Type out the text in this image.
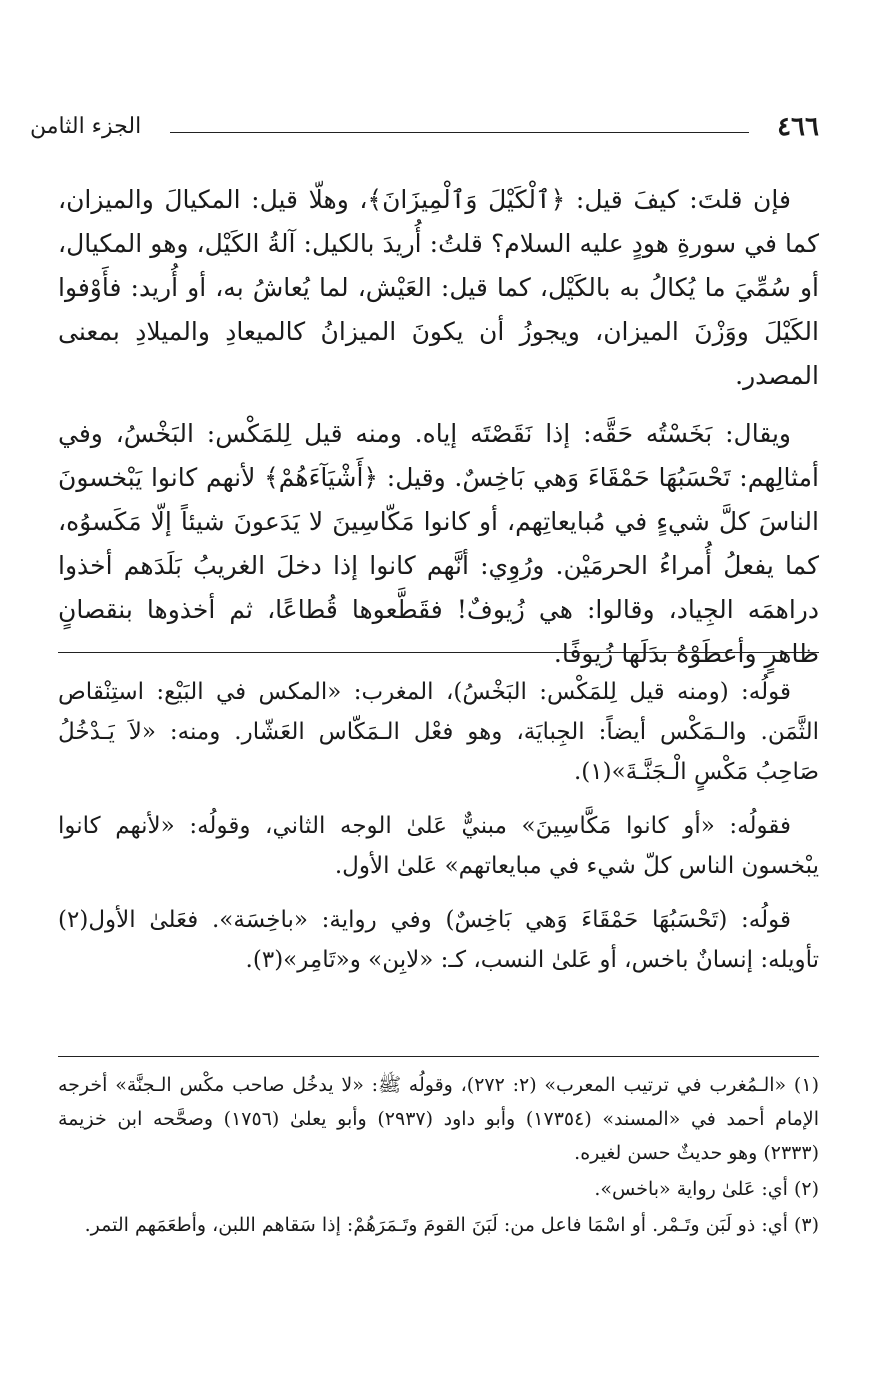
٤٦٦
الجزء الثامن

فإن قلتَ: كيفَ قيل: ﴿ٱلْكَيْلَ وَٱلْمِيزَانَ﴾، وهلّا قيل: المكيالَ والميزان، كما في سورةِ هودٍ عليه السلام؟ قلتُ: أُريدَ بالكيل: آلةُ الكَيْل، وهو المكيال، أو سُمِّيَ ما يُكالُ به بالكَيْل، كما قيل: العَيْش، لما يُعاشُ به، أو أُريد: فأَوْفوا الكَيْلَ ووَزْنَ الميزان، ويجوزُ أن يكونَ الميزانُ كالميعادِ والميلادِ بمعنى المصدر.

ويقال: بَخَسْتُه حَقَّه: إذا نَقَصْتَه إياه. ومنه قيل لِلمَكْس: البَخْسُ، وفي أمثالِهم: تَحْسَبُهَا حَمْقَاءَ وَهي بَاخِسٌ. وقيل: ﴿أَشْيَآءَهُمْ﴾ لأنهم كانوا يَبْخسونَ الناسَ كلَّ شيءٍ في مُبايعاتِهم، أو كانوا مَكّاسِينَ لا يَدَعونَ شيئاً إلّا مَكَسوُه، كما يفعلُ أُمراءُ الحرمَيْن. ورُوِي: أنَّهم كانوا إذا دخلَ الغريبُ بَلَدَهم أخذوا دراهمَه الجِياد، وقالوا: هي زُيوفٌ! فقَطَّعوها قُطاعًا، ثم أخذوها بنقصانٍ ظاهرٍ وأعطَوْهُ بدَلَها زُيوفًا.

قولُه: (ومنه قيل لِلمَكْس: البَخْسُ)، المغرب: «المكس في البَيْع: استِنْقاص الثَّمَن. والـمَكْس أيضاً: الجِبايَة، وهو فعْل الـمَكّاس العَشّار. ومنه: «لاَ يَـدْخُلُ صَاحِبُ مَكْسٍ الْـجَنَّـةَ»(١).

فقولُه: «أو كانوا مَكَّاسِينَ» مبنيٌّ عَلىٰ الوجه الثاني، وقولُه: «لأنهم كانوا يبْخسون الناس كلّ شيء في مبايعاتهم» عَلىٰ الأول.

قولُه: (تَحْسَبُهَا حَمْقَاءَ وَهي بَاخِسٌ) وفي رواية: «باخِسَة». فعَلىٰ الأول(٢) تأويله: إنسانٌ باخس، أو عَلىٰ النسب، كـ: «لابِن» و«تَامِر»(٣).

(١) «الـمُغرب في ترتيب المعرب» (٢: ٢٧٢)، وقولُه ﷺ: «لا يدخُل صاحب مكْس الـجنَّة» أخرجه الإمام أحمد في «المسند» (١٧٣٥٤) وأبو داود (٢٩٣٧) وأبو يعلىٰ (١٧٥٦) وصحَّحه ابن خزيمة (٢٣٣٣) وهو حديثٌ حسن لغيره.

(٢) أي: عَلىٰ رواية «باخس».

(٣) أي: ذو لَبَن وتَـمْر. أو اسْمَا فاعل من: لَبَنَ القومَ وتَـمَرَهُمْ: إذا سَقاهم اللبن، وأطعَمَهم التمر.
